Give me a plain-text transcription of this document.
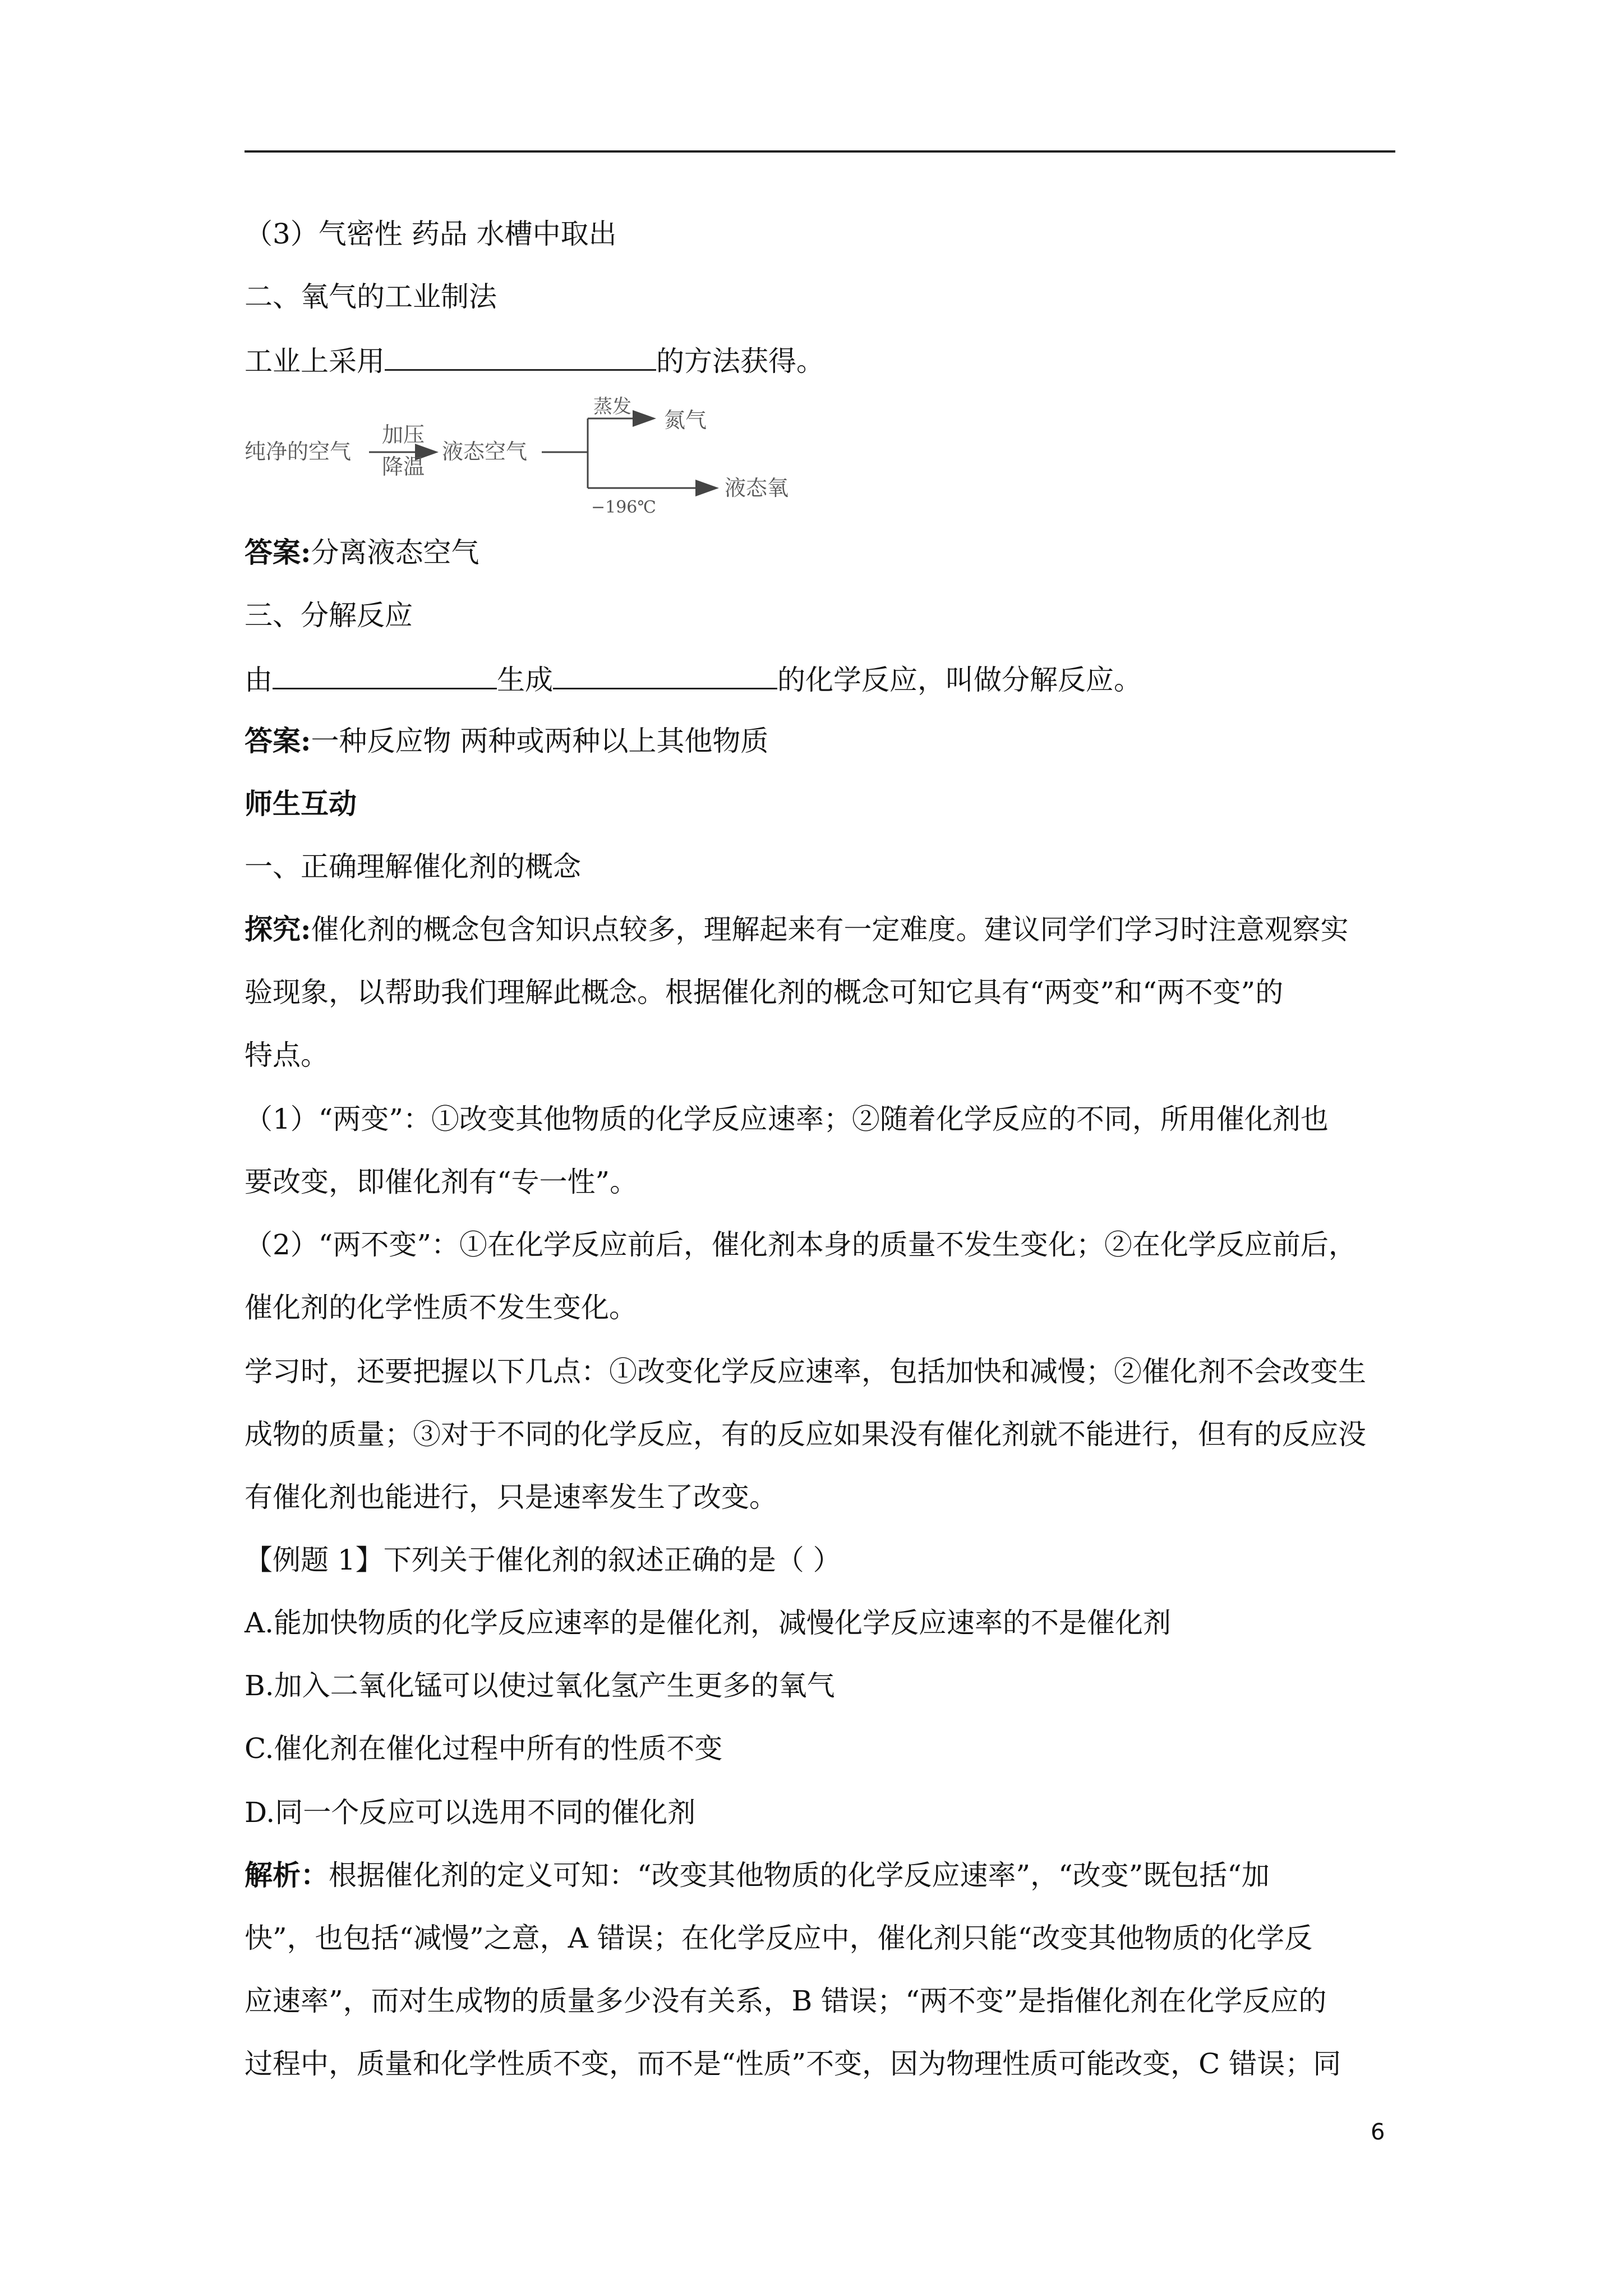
（3）气密性 药品 水槽中取出
二、氧气的工业制法
工业上采用	的方法获得。
纯净的空气
加压
降温
液态空气
蒸发
氮气
−196℃
液态氧
答案:分离液态空气
三、分解反应
由	生成	的化学反应，叫做分解反应。
答案:一种反应物 两种或两种以上其他物质
师生互动
一、正确理解催化剂的概念
探究:催化剂的概念包含知识点较多，理解起来有一定难度。建议同学们学习时注意观察实
验现象，以帮助我们理解此概念。根据催化剂的概念可知它具有“两变”和“两不变”的
特点。
（1）“两变”：①改变其他物质的化学反应速率；②随着化学反应的不同，所用催化剂也
要改变，即催化剂有“专一性”。
（2）“两不变”：①在化学反应前后，催化剂本身的质量不发生变化；②在化学反应前后，
催化剂的化学性质不发生变化。
学习时，还要把握以下几点：①改变化学反应速率，包括加快和减慢；②催化剂不会改变生
成物的质量；③对于不同的化学反应，有的反应如果没有催化剂就不能进行，但有的反应没
有催化剂也能进行，只是速率发生了改变。
【例题 1】下列关于催化剂的叙述正确的是（ ）
A.能加快物质的化学反应速率的是催化剂，减慢化学反应速率的不是催化剂
B.加入二氧化锰可以使过氧化氢产生更多的氧气
C.催化剂在催化过程中所有的性质不变
D.同一个反应可以选用不同的催化剂
解析：根据催化剂的定义可知：“改变其他物质的化学反应速率”，“改变”既包括“加
快”，也包括“减慢”之意，A 错误；在化学反应中，催化剂只能“改变其他物质的化学反
应速率”，而对生成物的质量多少没有关系，B 错误；“两不变”是指催化剂在化学反应的
过程中，质量和化学性质不变，而不是“性质”不变，因为物理性质可能改变，C 错误；同
6
